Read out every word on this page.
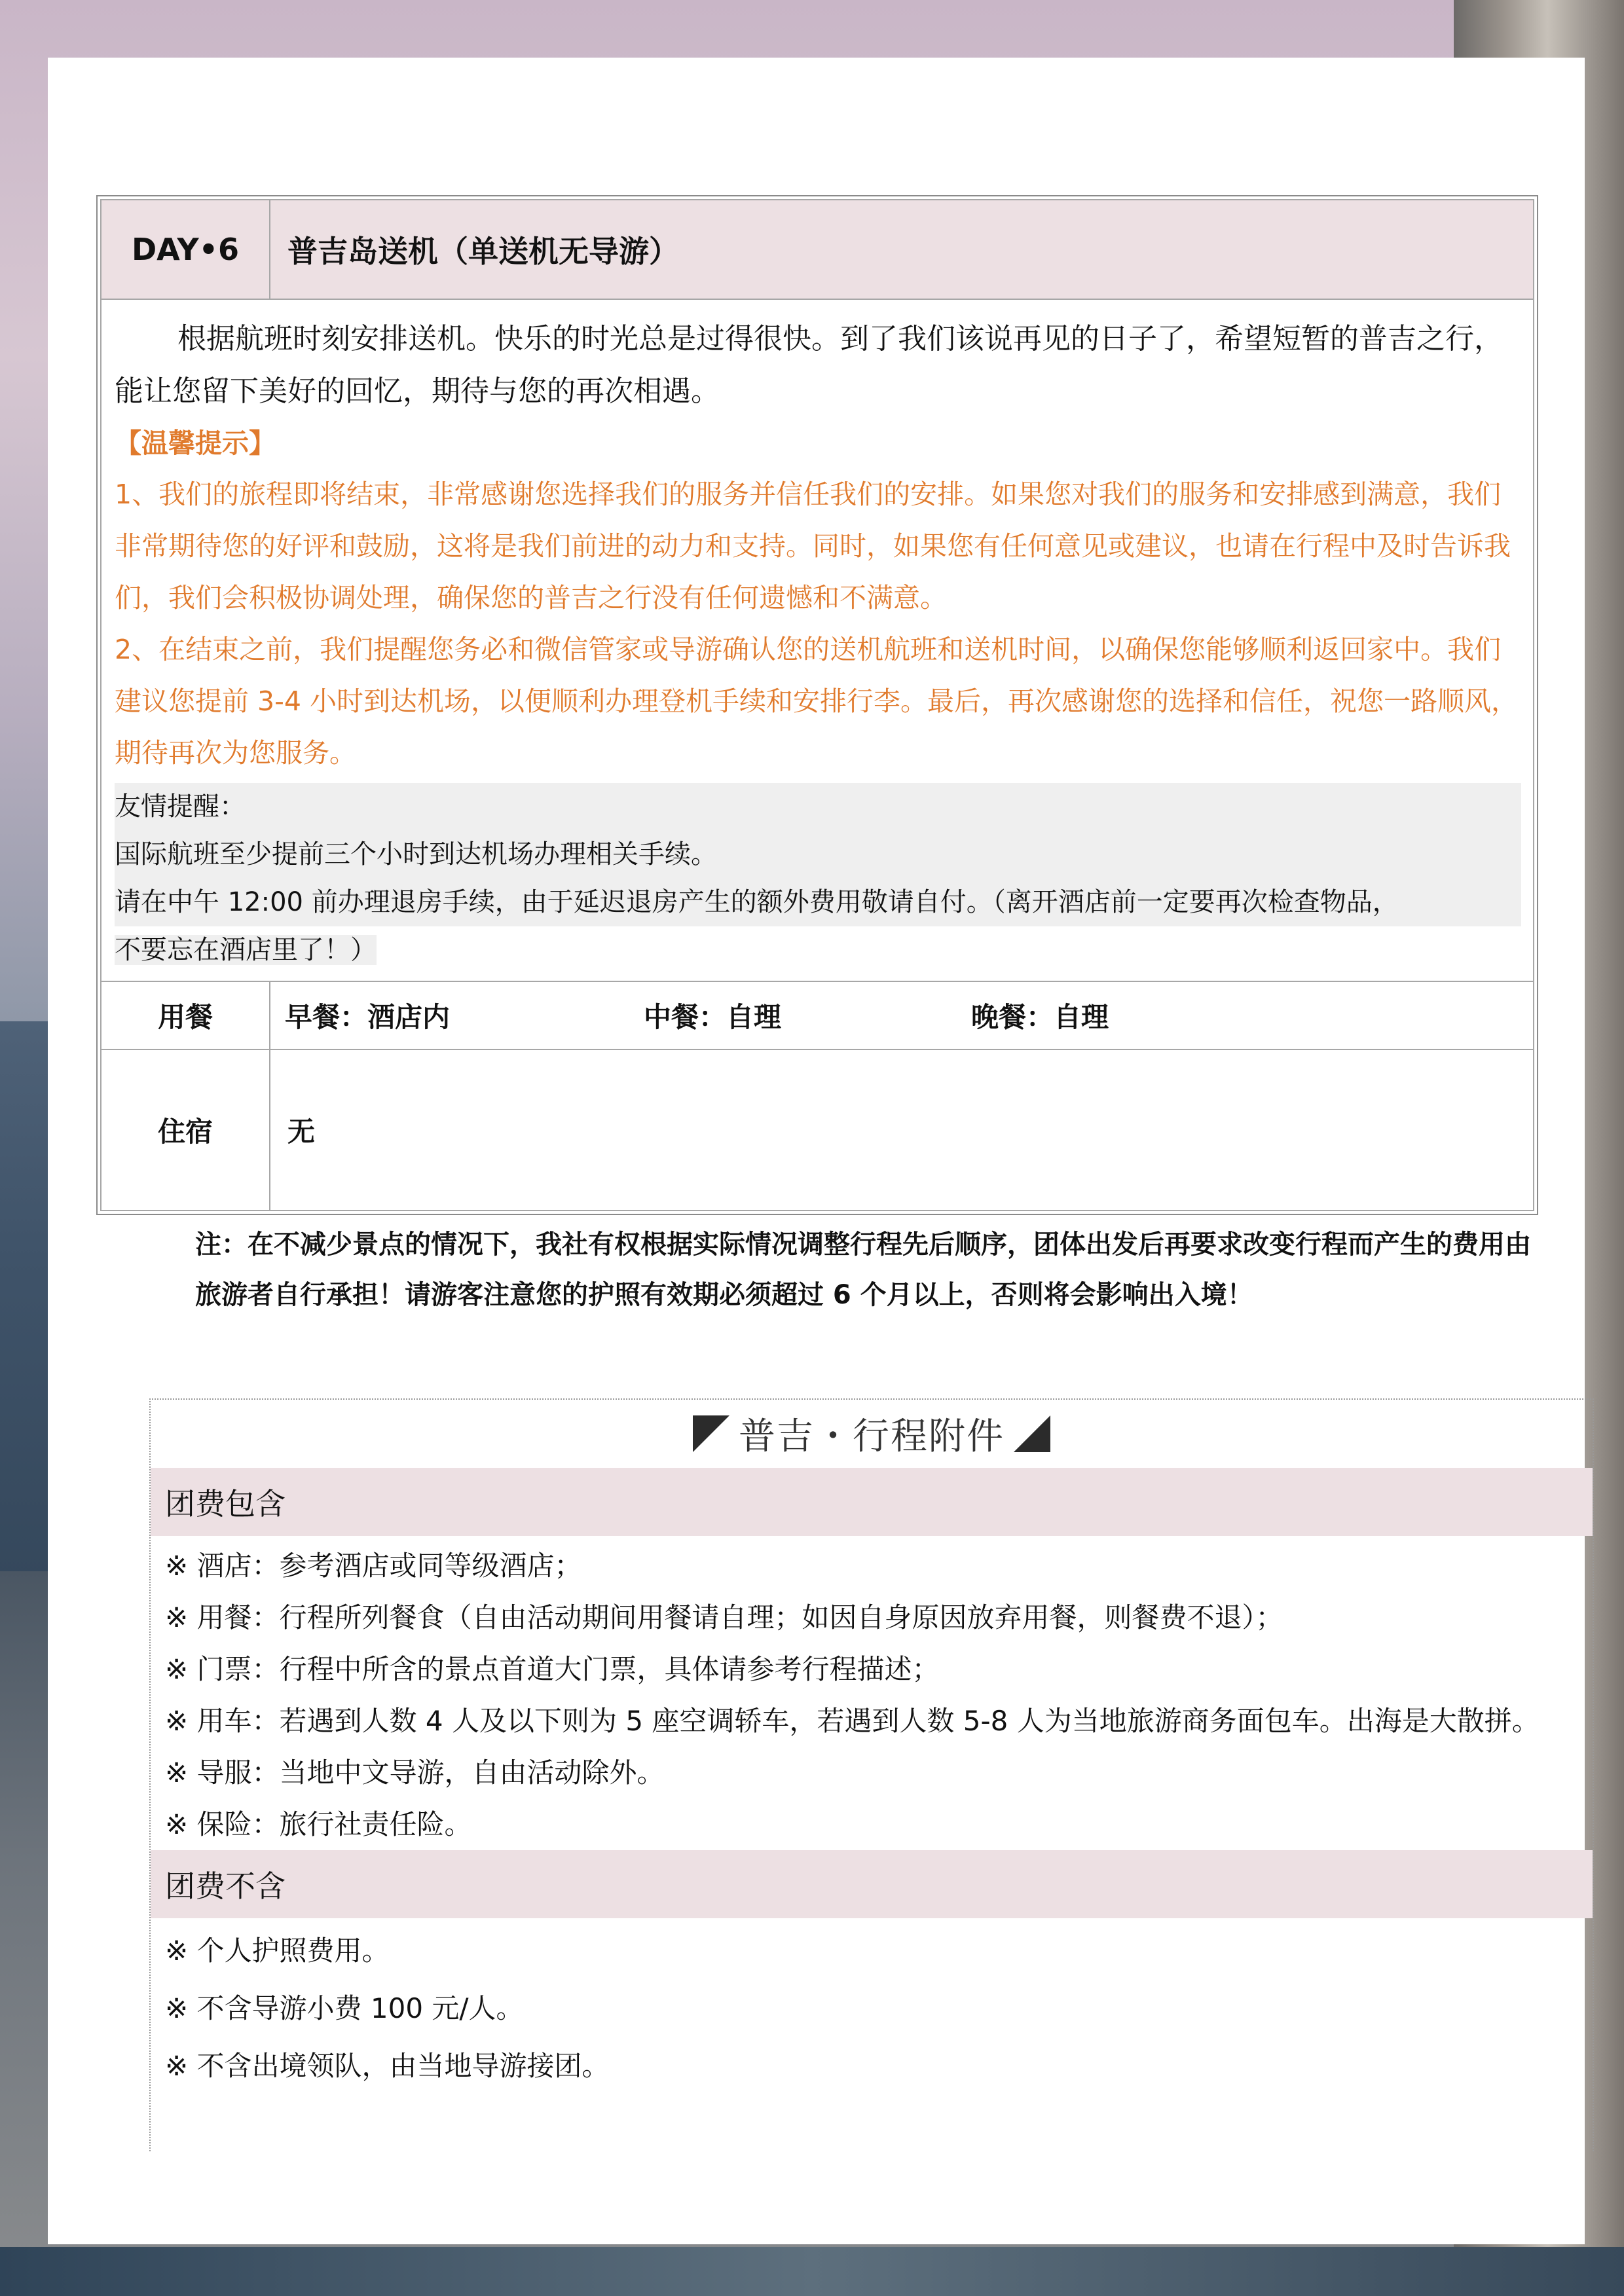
DAY•6	普吉岛送机（单送机无导游）

根据航班时刻安排送机。快乐的时光总是过得很快。到了我们该说再见的日子了，希望短暂的普吉之行，能让您留下美好的回忆，期待与您的再次相遇。

【温馨提示】

1、我们的旅程即将结束，非常感谢您选择我们的服务并信任我们的安排。如果您对我们的服务和安排感到满意，我们非常期待您的好评和鼓励，这将是我们前进的动力和支持。同时，如果您有任何意见或建议，也请在行程中及时告诉我们，我们会积极协调处理，确保您的普吉之行没有任何遗憾和不满意。

2、在结束之前，我们提醒您务必和微信管家或导游确认您的送机航班和送机时间，以确保您能够顺利返回家中。我们建议您提前 3-4 小时到达机场，以便顺利办理登机手续和安排行李。最后，再次感谢您的选择和信任，祝您一路顺风，期待再次为您服务。

友情提醒：

国际航班至少提前三个小时到达机场办理相关手续。

请在中午 12:00 前办理退房手续，由于延迟退房产生的额外费用敬请自付。（离开酒店前一定要再次检查物品，

不要忘在酒店里了！）

用餐	早餐：酒店内	中餐：自理	晚餐：自理
住宿	无
注：在不减少景点的情况下，我社有权根据实际情况调整行程先后顺序，团体出发后再要求改变行程而产生的费用由旅游者自行承担！请游客注意您的护照有效期必须超过 6 个月以上，否则将会影响出入境！
普吉・行程附件
团费包含

※ 酒店：参考酒店或同等级酒店；

※ 用餐：行程所列餐食（自由活动期间用餐请自理；如因自身原因放弃用餐，则餐费不退）；

※ 门票：行程中所含的景点首道大门票，具体请参考行程描述；

※ 用车：若遇到人数 4 人及以下则为 5 座空调轿车，若遇到人数 5-8 人为当地旅游商务面包车。出海是大散拼。

※ 导服：当地中文导游，自由活动除外。

※ 保险：旅行社责任险。

团费不含

※ 个人护照费用。

※ 不含导游小费 100 元/人。

※ 不含出境领队，由当地导游接团。
